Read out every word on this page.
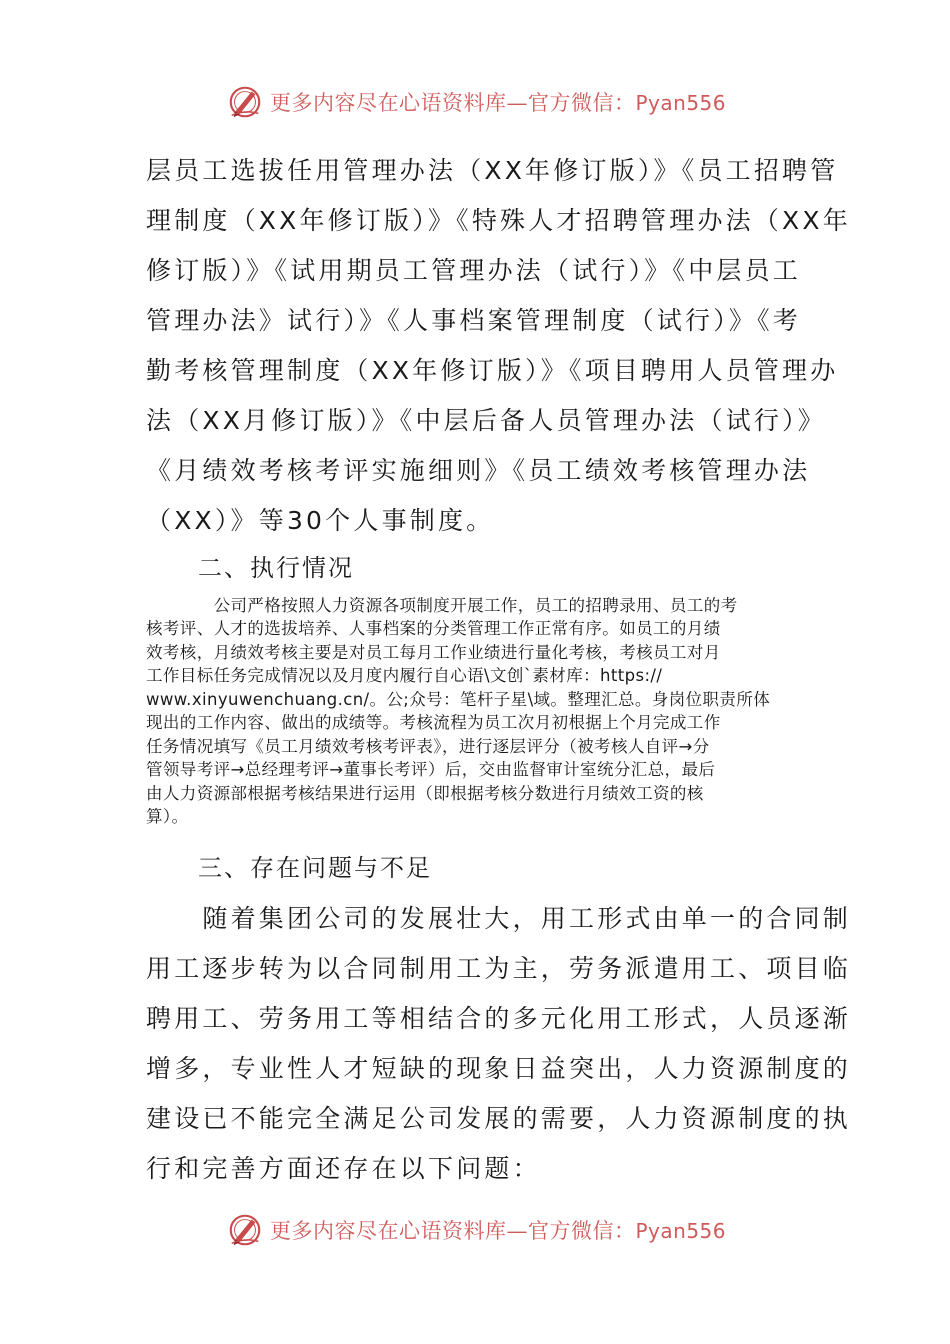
更多内容尽在心语资料库—官方微信：Pyan556
层员工选拔任用管理办法（XX年修订版）》《员工招聘管
理制度（XX年修订版）》《特殊人才招聘管理办法（XX年
修订版）》《试用期员工管理办法（试行）》《中层员工
管理办法》试行）》《人事档案管理制度（试行）》《考
勤考核管理制度（XX年修订版）》《项目聘用人员管理办
法（XX月修订版）》《中层后备人员管理办法（试行）》
《月绩效考核考评实施细则》《员工绩效考核管理办法
（XX）》等30个人事制度。
二、执行情况
　　　　公司严格按照人力资源各项制度开展工作，员工的招聘录用、员工的考
核考评、人才的选拔培养、人事档案的分类管理工作正常有序。如员工的月绩
效考核，月绩效考核主要是对员工每月工作业绩进行量化考核，考核员工对月
工作目标任务完成情况以及月度内履行自心语\文创`素材库：https://
www.xinyuwenchuang.cn/。公;众号：笔杆子星\域。整理汇总。身岗位职责所体
现出的工作内容、做出的成绩等。考核流程为员工次月初根据上个月完成工作
任务情况填写《员工月绩效考核考评表》，进行逐层评分（被考核人自评→分
管领导考评→总经理考评→董事长考评）后，交由监督审计室统分汇总，最后
由人力资源部根据考核结果进行运用（即根据考核分数进行月绩效工资的核
算）。
三、存在问题与不足
　　随着集团公司的发展壮大，用工形式由单一的合同制
用工逐步转为以合同制用工为主，劳务派遣用工、项目临
聘用工、劳务用工等相结合的多元化用工形式，人员逐渐
增多，专业性人才短缺的现象日益突出，人力资源制度的
建设已不能完全满足公司发展的需要，人力资源制度的执
行和完善方面还存在以下问题：
更多内容尽在心语资料库—官方微信：Pyan556
